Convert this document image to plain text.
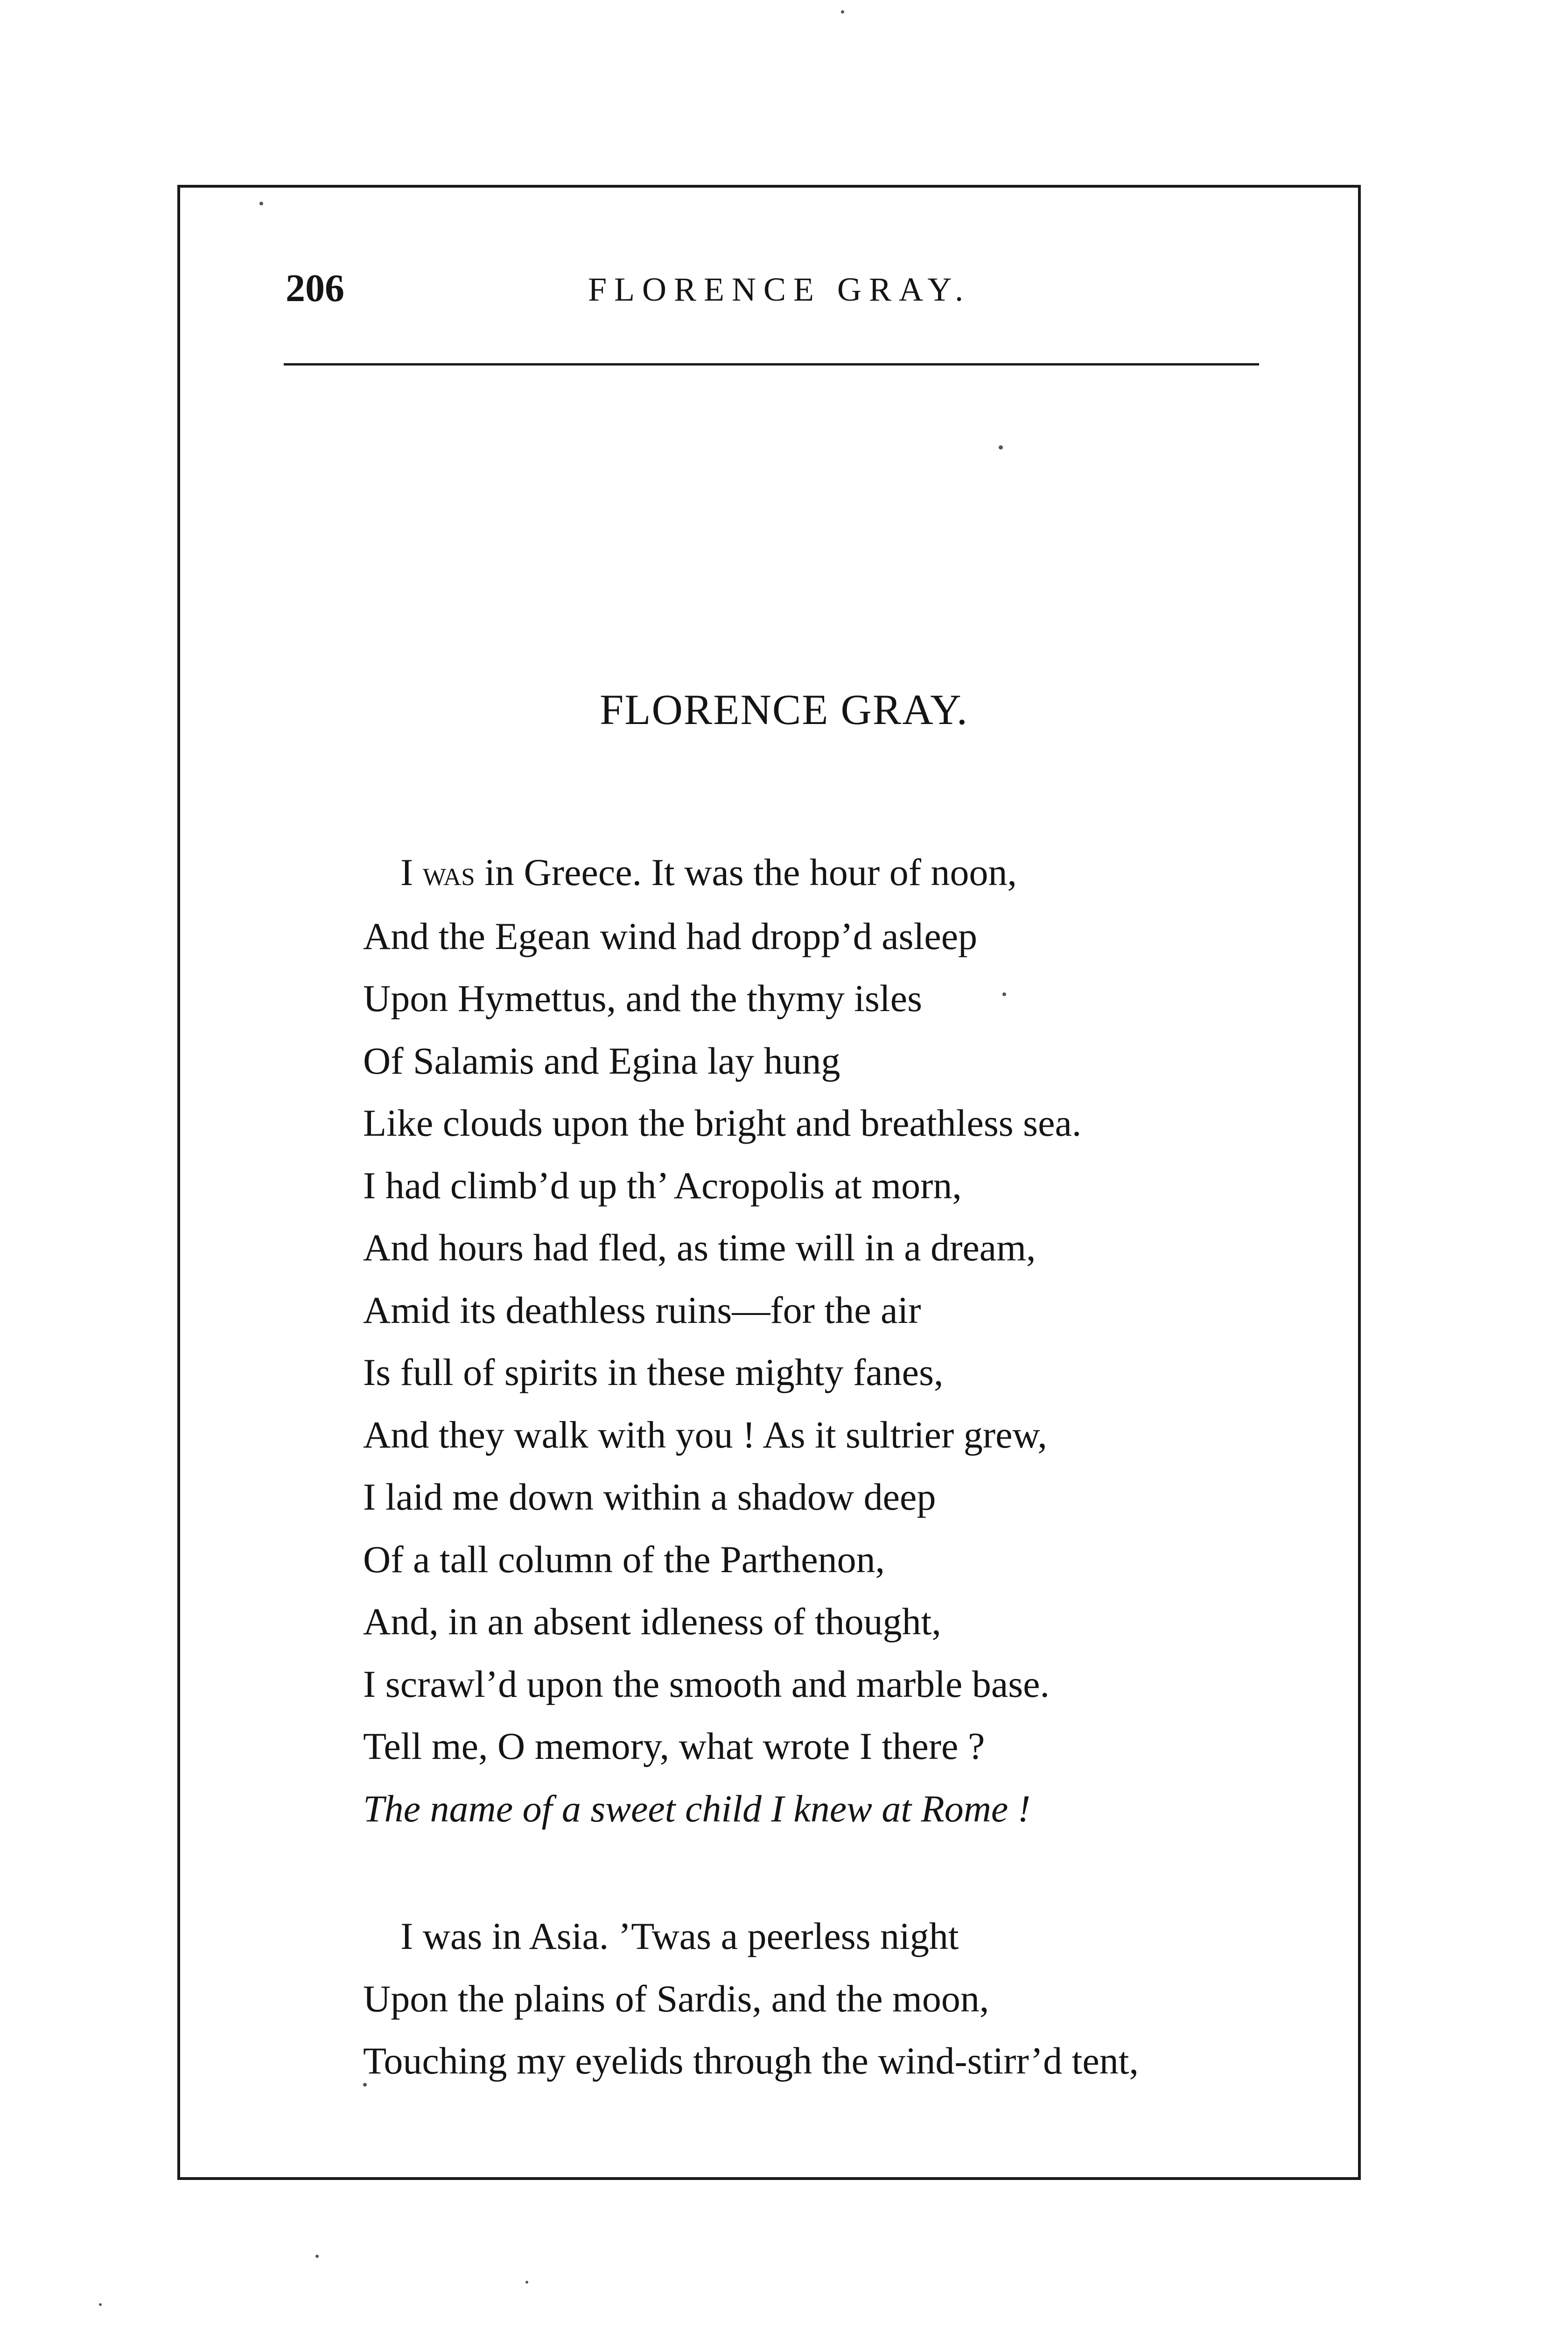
206	FLORENCE GRAY.
FLORENCE GRAY.
I was in Greece. It was the hour of noon,
And the Egean wind had dropp’d asleep
Upon Hymettus, and the thymy isles
Of Salamis and Egina lay hung
Like clouds upon the bright and breathless sea.
I had climb’d up th’ Acropolis at morn,
And hours had fled, as time will in a dream,
Amid its deathless ruins—for the air
Is full of spirits in these mighty fanes,
And they walk with you ! As it sultrier grew,
I laid me down within a shadow deep
Of a tall column of the Parthenon,
And, in an absent idleness of thought,
I scrawl’d upon the smooth and marble base.
Tell me, O memory, what wrote I there ?
The name of a sweet child I knew at Rome !
I was in Asia. ’Twas a peerless night
Upon the plains of Sardis, and the moon,
Touching my eyelids through the wind-stirr’d tent,
